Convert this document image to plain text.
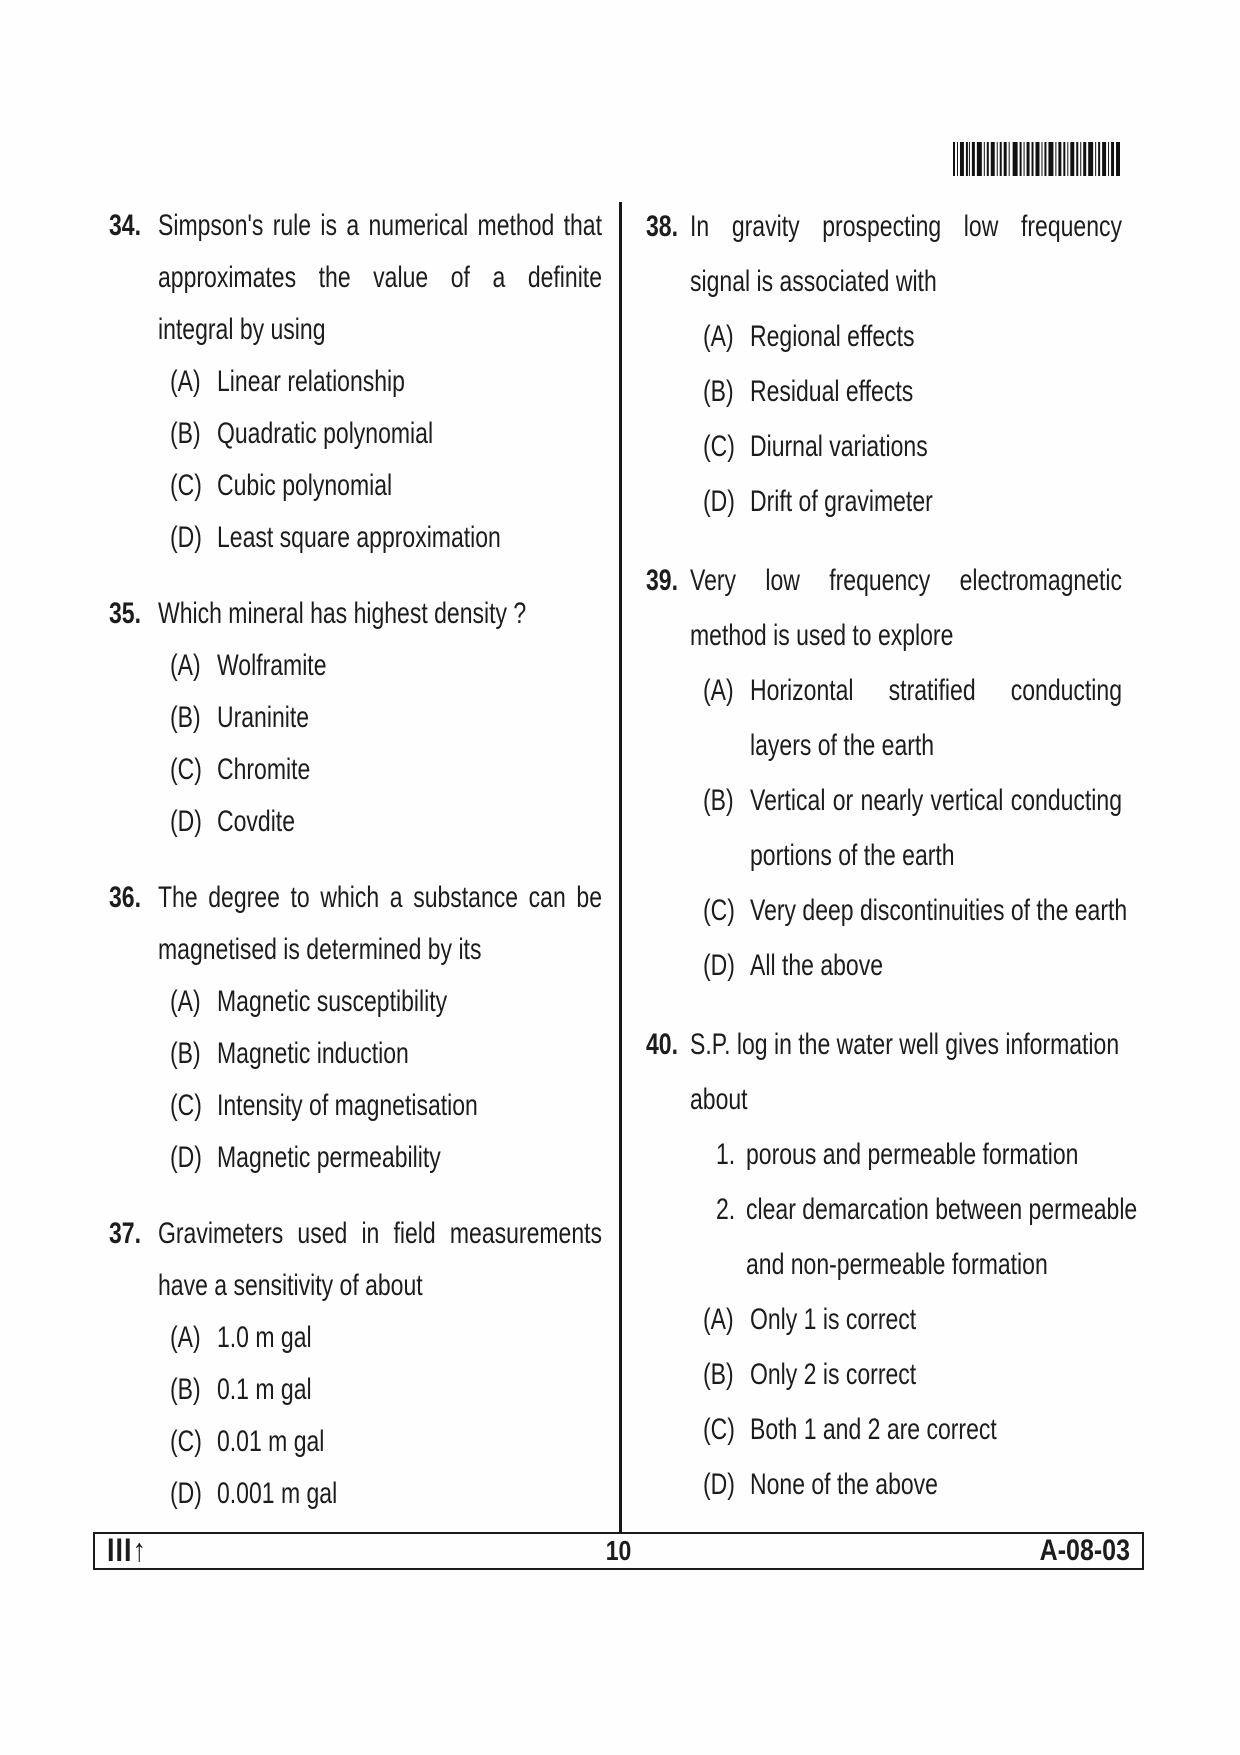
34. Simpson's rule is a numerical method that
approximates the value of a definite
integral by using
(A) Linear relationship
(B) Quadratic polynomial
(C) Cubic polynomial
(D) Least square approximation
35. Which mineral has highest density ?
(A) Wolframite
(B) Uraninite
(C) Chromite
(D) Covdite
36. The degree to which a substance can be
magnetised is determined by its
(A) Magnetic susceptibility
(B) Magnetic induction
(C) Intensity of magnetisation
(D) Magnetic permeability
37. Gravimeters used in field measurements
have a sensitivity of about
(A) 1.0 m gal
(B) 0.1 m gal
(C) 0.01 m gal
(D) 0.001 m gal
38. In gravity prospecting low frequency
signal is associated with
(A) Regional effects
(B) Residual effects
(C) Diurnal variations
(D) Drift of gravimeter
39. Very low frequency electromagnetic
method is used to explore
(A) Horizontal stratified conducting
layers of the earth
(B) Vertical or nearly vertical conducting
portions of the earth
(C) Very deep discontinuities of the earth
(D) All the above
40. S.P. log in the water well gives information
about
1. porous and permeable formation
2. clear demarcation between permeable
and non-permeable formation
(A) Only 1 is correct
(B) Only 2 is correct
(C) Both 1 and 2 are correct
(D) None of the above
III↑	10	A-08-03
